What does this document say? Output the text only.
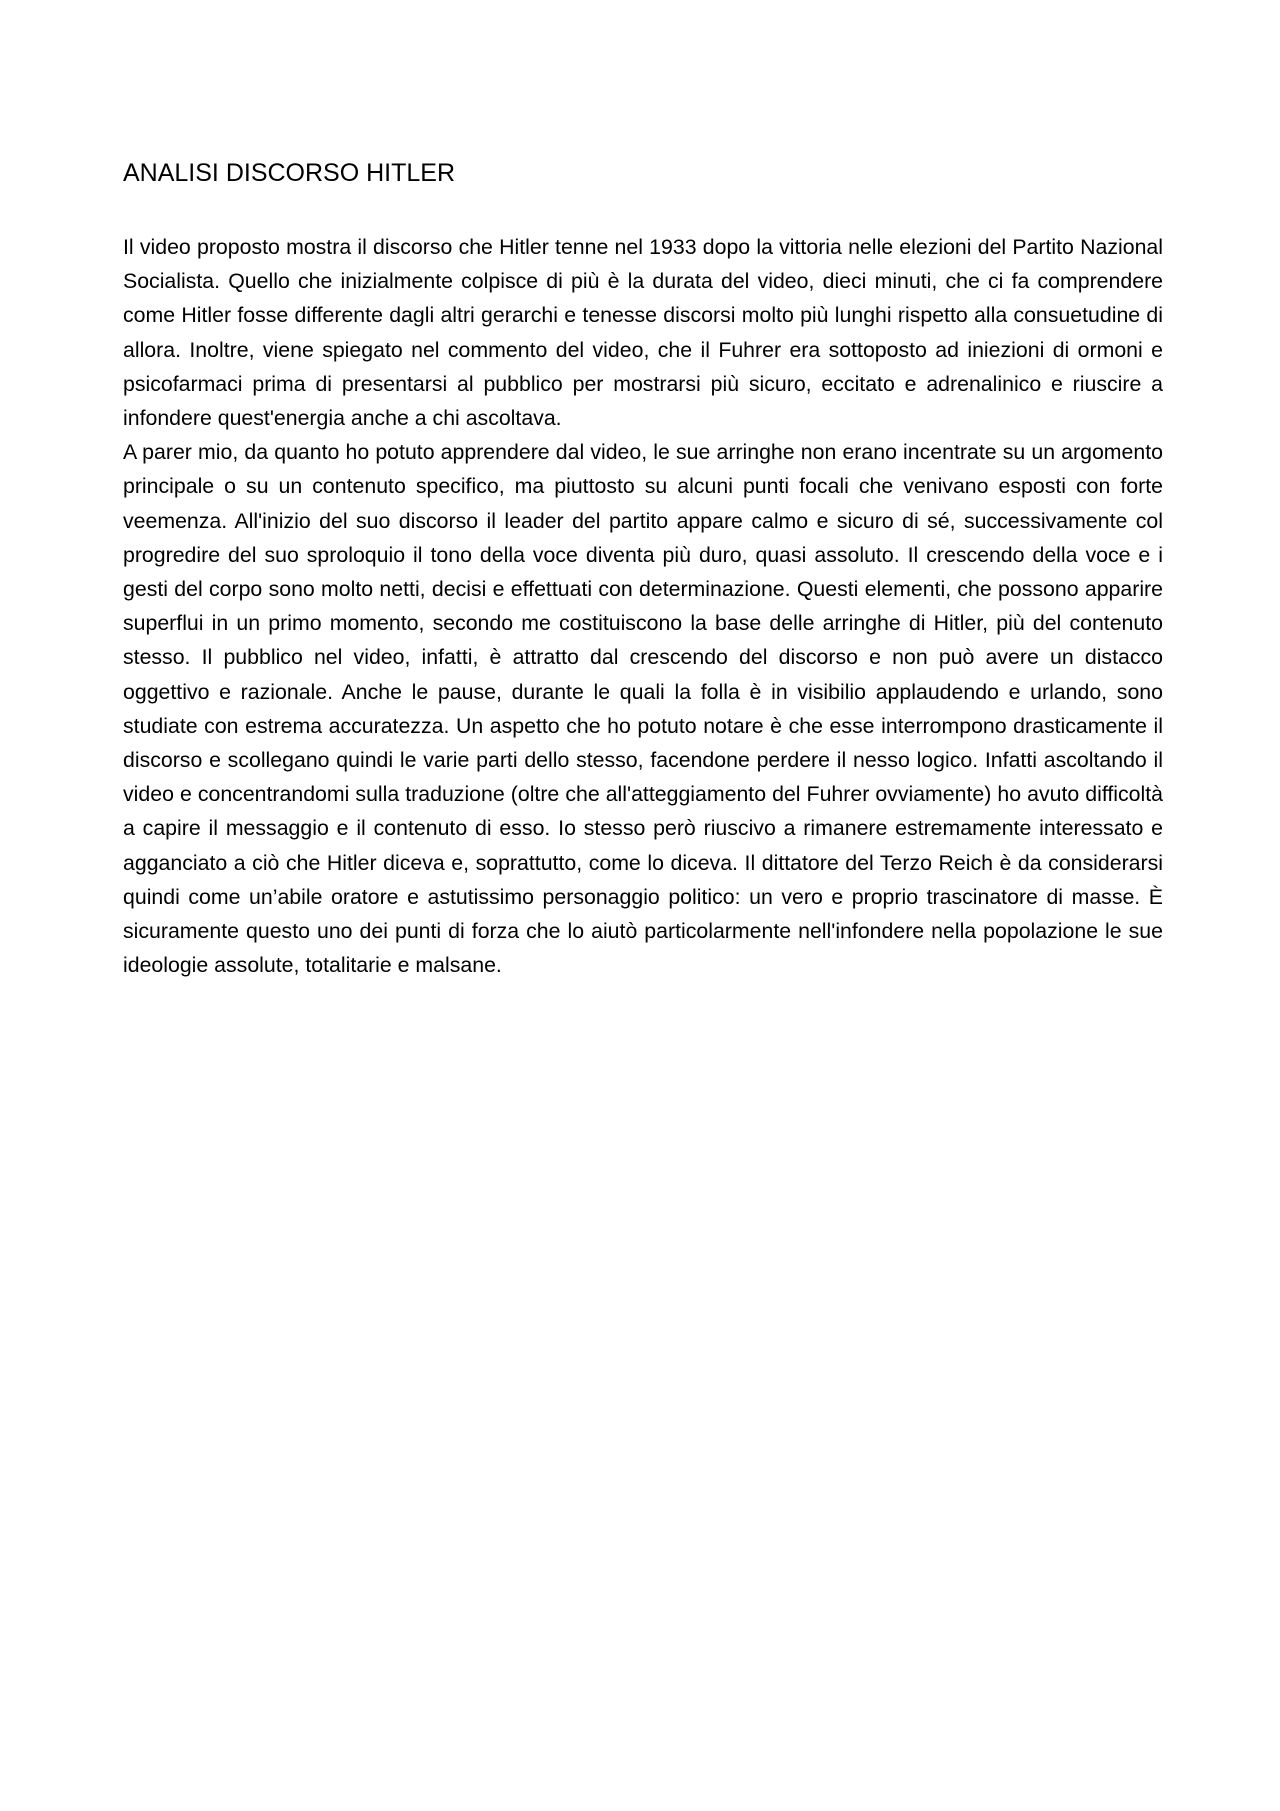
ANALISI DISCORSO HITLER

Il video proposto mostra il discorso che Hitler tenne nel 1933 dopo la vittoria nelle elezioni del Partito Nazional Socialista. Quello che inizialmente colpisce di più è la durata del video, dieci minuti, che ci fa comprendere come Hitler fosse differente dagli altri gerarchi e tenesse discorsi molto più lunghi rispetto alla consuetudine di allora. Inoltre, viene spiegato nel commento del video, che il Fuhrer era sottoposto ad iniezioni di ormoni e psicofarmaci prima di presentarsi al pubblico per mostrarsi più sicuro, eccitato e adrenalinico e riuscire a infondere quest'energia anche a chi ascoltava.

A parer mio, da quanto ho potuto apprendere dal video, le sue arringhe non erano incentrate su un argomento principale o su un contenuto specifico, ma piuttosto su alcuni punti focali che venivano esposti con forte veemenza. All'inizio del suo discorso il leader del partito appare calmo e sicuro di sé, successivamente col progredire del suo sproloquio il tono della voce diventa più duro, quasi assoluto. Il crescendo della voce e i gesti del corpo sono molto netti, decisi e effettuati con determinazione. Questi elementi, che possono apparire superflui in un primo momento, secondo me costituiscono la base delle arringhe di Hitler, più del contenuto stesso. Il pubblico nel video, infatti, è attratto dal crescendo del discorso e non può avere un distacco oggettivo e razionale. Anche le pause, durante le quali la folla è in visibilio applaudendo e urlando, sono studiate con estrema accuratezza. Un aspetto che ho potuto notare è che esse interrompono drasticamente il discorso e scollegano quindi le varie parti dello stesso, facendone perdere il nesso logico. Infatti ascoltando il video e concentrandomi sulla traduzione (oltre che all'atteggiamento del Fuhrer ovviamente) ho avuto difficoltà a capire il messaggio e il contenuto di esso. Io stesso però riuscivo a rimanere estremamente interessato e agganciato a ciò che Hitler diceva e, soprattutto, come lo diceva. Il dittatore del Terzo Reich è da considerarsi quindi come un’abile oratore e astutissimo personaggio politico: un vero e proprio trascinatore di masse. È sicuramente questo uno dei punti di forza che lo aiutò particolarmente nell'infondere nella popolazione le sue ideologie assolute, totalitarie e malsane.
